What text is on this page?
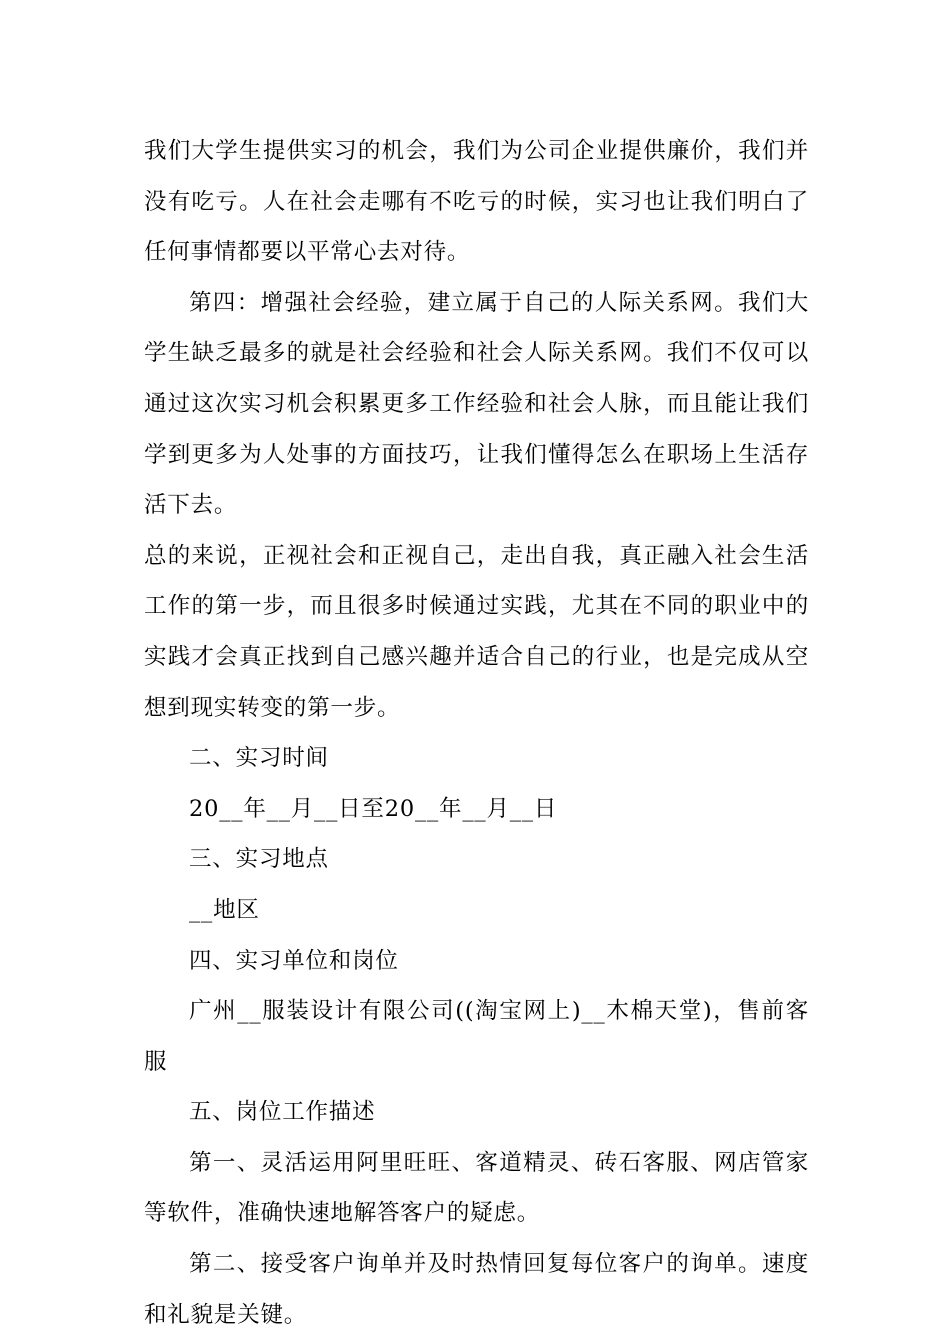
我们大学生提供实习的机会，我们为公司企业提供廉价，我们并没有吃亏。人在社会走哪有不吃亏的时候，实习也让我们明白了任何事情都要以平常心去对待。

第四：增强社会经验，建立属于自己的人际关系网。我们大学生缺乏最多的就是社会经验和社会人际关系网。我们不仅可以通过这次实习机会积累更多工作经验和社会人脉，而且能让我们学到更多为人处事的方面技巧，让我们懂得怎么在职场上生活存活下去。

总的来说，正视社会和正视自己，走出自我，真正融入社会生活工作的第一步，而且很多时候通过实践，尤其在不同的职业中的实践才会真正找到自己感兴趣并适合自己的行业，也是完成从空想到现实转变的第一步。

二、实习时间

20__年__月__日至20__年__月__日

三、实习地点

__地区

四、实习单位和岗位

广州__服装设计有限公司((淘宝网上)__木棉天堂)，售前客服

五、岗位工作描述

第一、灵活运用阿里旺旺、客道精灵、砖石客服、网店管家等软件，准确快速地解答客户的疑虑。

第二、接受客户询单并及时热情回复每位客户的询单。速度和礼貌是关键。
